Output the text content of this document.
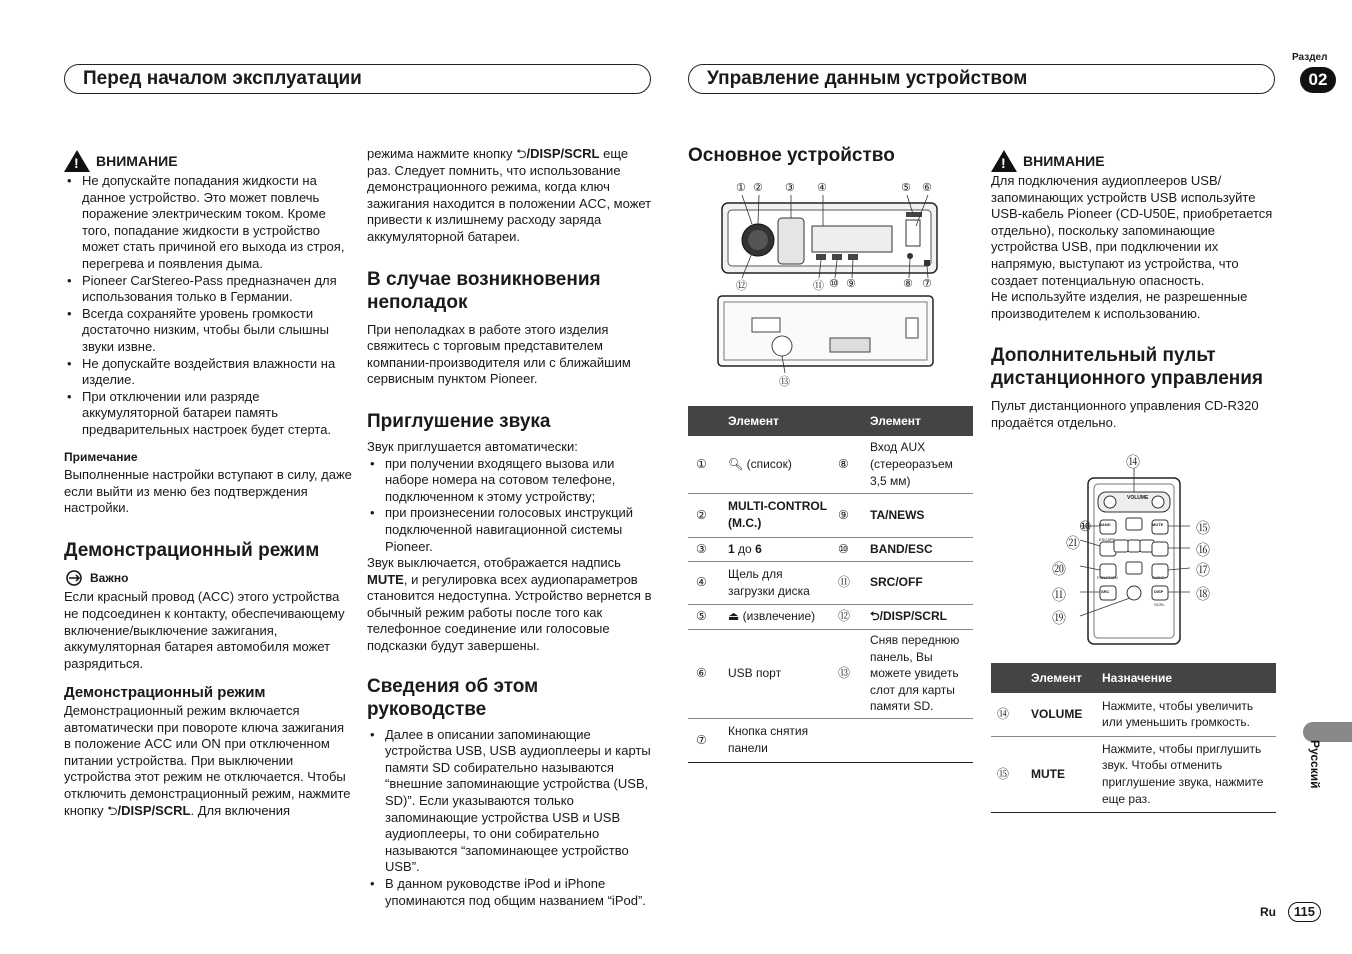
Перед началом эксплуатации	Управление данным устройством
Раздел
02
! ВНИМАНИЕ
• Не допускайте попадания жидкости на данное устройство. Это может повлечь поражение электрическим током. Кроме того, попадание жидкости в устройство может стать причиной его выхода из строя, перегрева и появления дыма.
• Pioneer CarStereo-Pass предназначен для использования только в Германии.
• Всегда сохраняйте уровень громкости достаточно низким, чтобы были слышны звуки извне.
• Не допускайте воздействия влажности на изделие.
• При отключении или разряде аккумуляторной батареи память предварительных настроек будет стерта.
Примечание

Выполненные настройки вступают в силу, даже если выйти из меню без подтверждения настройки.

Демонстрационный режим
Важно

Если красный провод (ACC) этого устройства не подсоединен к контакту, обеспечивающему включение/выключение зажигания, аккумуляторная батарея автомобиля может разрядиться.

Демонстрационный режим

Демонстрационный режим включается автоматически при повороте ключа зажигания в положение ACC или ON при отключенном питании устройства. При выключении устройства этот режим не отключается. Чтобы отключить демонстрационный режим, нажмите кнопку ⮌/DISP/SCRL. Для включения

режима нажмите кнопку ⮌/DISP/SCRL еще раз. Следует помнить, что использование демонстрационного режима, когда ключ зажигания находится в положении ACC, может привести к излишнему расходу заряда аккумуляторной батареи.

В случае возникновения неполадок

При неполадках в работе этого изделия свяжитесь с торговым представителем компании-производителя или с ближайшим сервисным пунктом Pioneer.

Приглушение звука

Звук приглушается автоматически:

• при получении входящего вызова или наборе номера на сотовом телефоне, подключенном к этому устройству;
• при произнесении голосовых инструкций подключенной навигационной системы Pioneer.

Звук выключается, отображается надпись MUTE, и регулировка всех аудиопараметров становится недоступна. Устройство вернется в обычный режим работы после того как телефонное соединение или голосовые подсказки будут завершены.

Сведения об этом руководстве
• Далее в описании запоминающие устройства USB, USB аудиоплееры и карты памяти SD собирательно называются “внешние запоминающие устройства (USB, SD)”. Если указываются только запоминающие устройства USB и USB аудиоплееры, то они собирательно называются “запоминающее устройство USB”.
• В данном руководстве iPod и iPhone упоминаются под общим названием “iPod”.
Основное устройство
① ② ③ ④	⑤ ⑥
⑫	⑪ ⑩ ⑨	⑧ ⑦
⑬
	Элемент		Элемент
①	🔍︎ (список)	⑧	Вход AUX (стереоразъем 3,5 мм)
②	MULTI-CONTROL (M.C.)	⑨	TA/NEWS
③	1 до 6	⑩	BAND/ESC
④	Щель для загрузки диска	⑪	SRC/OFF
⑤	⏏ (извлечение)	⑫	⮌/DISP/SCRL
⑥	USB порт	⑬	Сняв переднюю панель, Вы можете увидеть слот для карты памяти SD.
⑦	Кнопка снятия панели		
! ВНИМАНИЕ

Для подключения аудиоплееров USB/запоминающих устройств USB используйте USB-кабель Pioneer (CD-U50E, приобретается отдельно), поскольку запоминающие устройства USB, при подключении их напрямую, выступают из устройства, что создает потенциальную опасность.

Не используйте изделия, не разрешенные производителем к использованию.

Дополнительный пульт дистанционного управления

Пульт дистанционного управления CD-R320 продаётся отдельно.

VOLUME
BAND
ESCAPE
MUTE
FUNCTION	AUDIO
SRC	DISP
SCRL
⑭
⑩
㉑
⑳
⑪
⑲
⑮
⑯
⑰
⑱
	Элемент	Назначение
⑭	VOLUME	Нажмите, чтобы увеличить или уменьшить громкость.
⑮	MUTE	Нажмите, чтобы приглушить звук. Чтобы отменить приглушение звука, нажмите еще раз.
Русский
Ru	115
